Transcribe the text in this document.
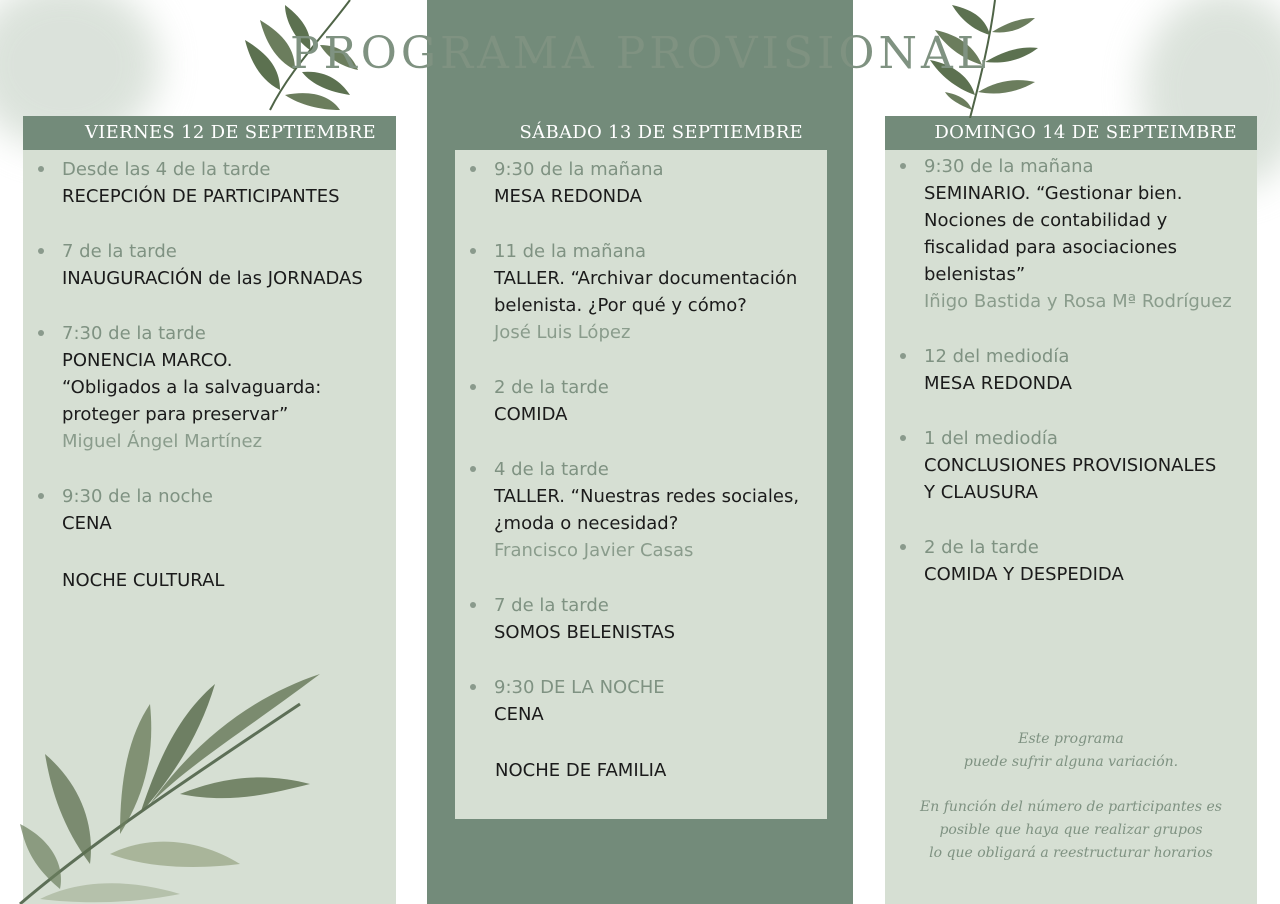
VIERNES 12 DE SEPTIEMBRE

Desde las 4 de la tarde

RECEPCIÓN DE PARTICIPANTES

7 de la tarde

INAUGURACIÓN de las JORNADAS

7:30 de la tarde

PONENCIA MARCO.

“Obligados a la salvaguarda:

proteger para preservar”

Miguel Ángel Martínez

9:30 de la noche

CENA

NOCHE CULTURAL
SÁBADO 13 DE SEPTIEMBRE

9:30 de la mañana

MESA REDONDA

11 de la mañana

TALLER. “Archivar documentación

belenista. ¿Por qué y cómo?

José Luis López

2 de la tarde

COMIDA

4 de la tarde

TALLER. “Nuestras redes sociales,

¿moda o necesidad?

Francisco Javier Casas

7 de la tarde

SOMOS BELENISTAS

9:30 DE LA NOCHE

CENA

NOCHE DE FAMILIA
DOMINGO 14 DE SEPTEIMBRE

9:30 de la mañana

SEMINARIO. “Gestionar bien.

Nociones de contabilidad y

fiscalidad para asociaciones

belenistas”

Iñigo Bastida y Rosa Mª Rodríguez

12 del mediodía

MESA REDONDA

1 del mediodía

CONCLUSIONES PROVISIONALES

Y CLAUSURA

2 de la tarde

COMIDA Y DESPEDIDA

Este programa
puede sufrir alguna variación.
En función del número de participantes es
posible que haya que realizar grupos
lo que obligará a reestructurar horarios
PROGRAMA PROVISIONAL
